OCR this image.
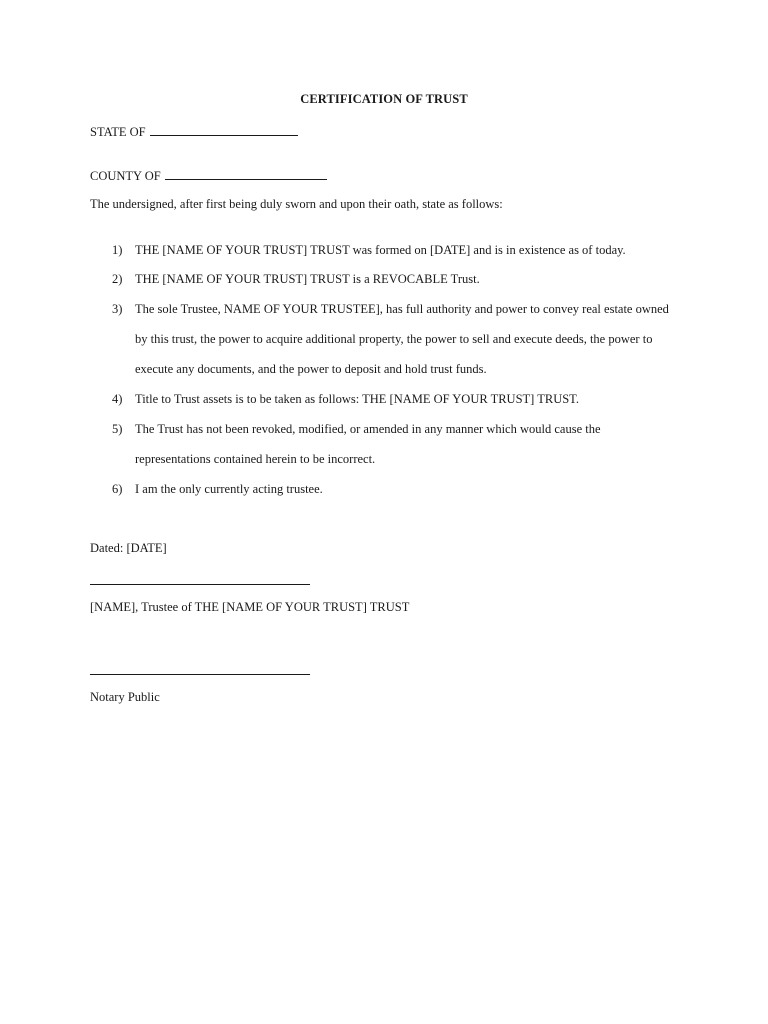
CERTIFICATION OF TRUST
STATE OF
COUNTY OF
The undersigned, after first being duly sworn and upon their oath, state as follows:
1) THE [NAME OF YOUR TRUST] TRUST was formed on [DATE] and is in existence as of today.
2) THE [NAME OF YOUR TRUST] TRUST is a REVOCABLE Trust.
3) The sole Trustee, NAME OF YOUR TRUSTEE], has full authority and power to convey real estate owned
by this trust, the power to acquire additional property, the power to sell and execute deeds, the power to
execute any documents, and the power to deposit and hold trust funds.
4) Title to Trust assets is to be taken as follows: THE [NAME OF YOUR TRUST] TRUST.
5) The Trust has not been revoked, modified, or amended in any manner which would cause the
representations contained herein to be incorrect.
6) I am the only currently acting trustee.
Dated: [DATE]
[NAME], Trustee of THE [NAME OF YOUR TRUST] TRUST
Notary Public
